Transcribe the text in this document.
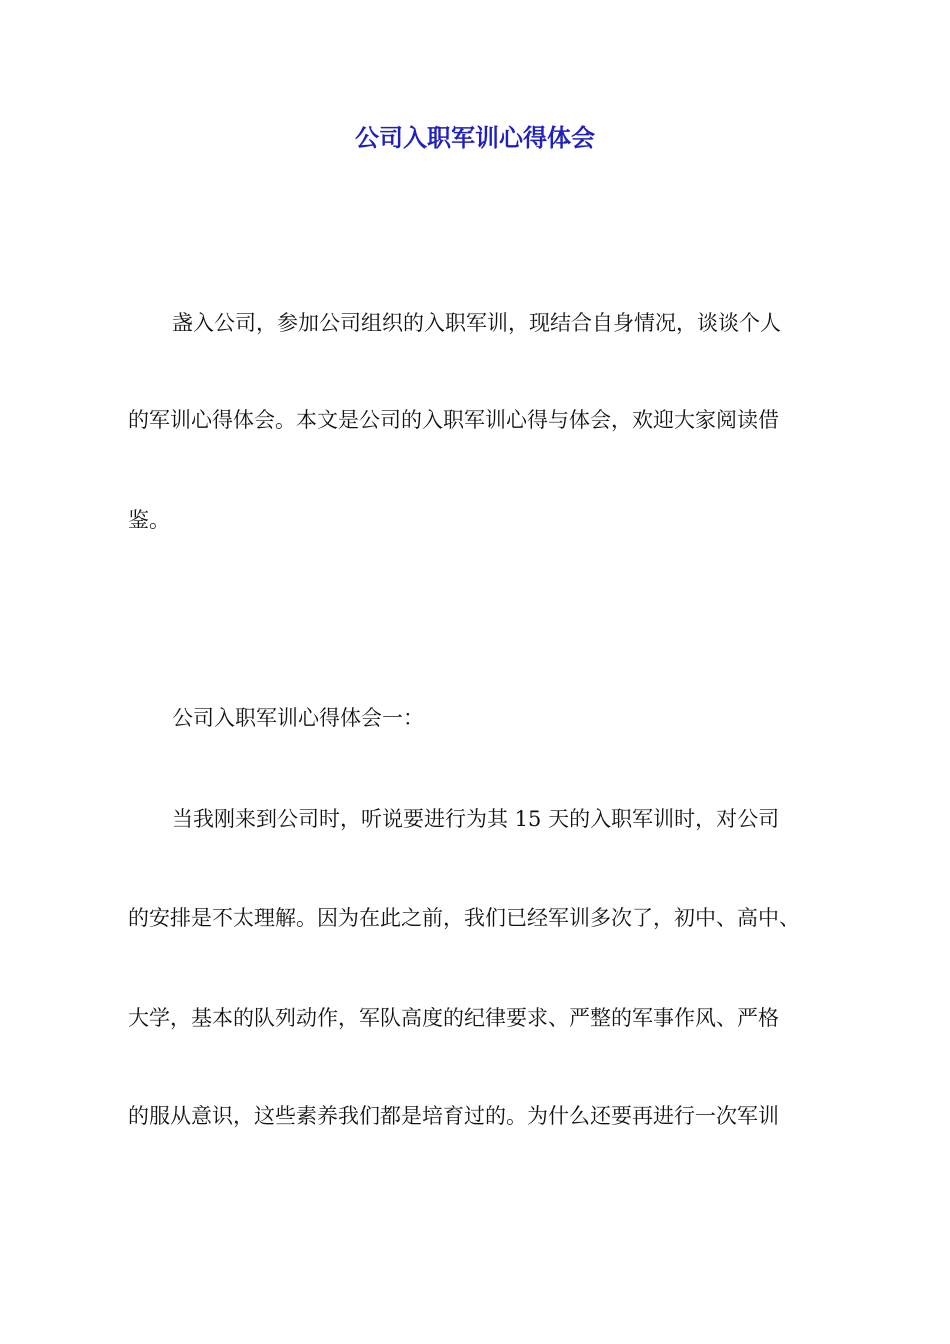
公司入职军训心得体会
盏入公司，参加公司组织的入职军训，现结合自身情况，谈谈个人
的军训心得体会。本文是公司的入职军训心得与体会，欢迎大家阅读借
鉴。
公司入职军训心得体会一：
当我刚来到公司时，听说要进行为其 15 天的入职军训时，对公司
的安排是不太理解。因为在此之前，我们已经军训多次了，初中、高中、
大学，基本的队列动作，军队高度的纪律要求、严整的军事作风、严格
的服从意识，这些素养我们都是培育过的。为什么还要再进行一次军训
